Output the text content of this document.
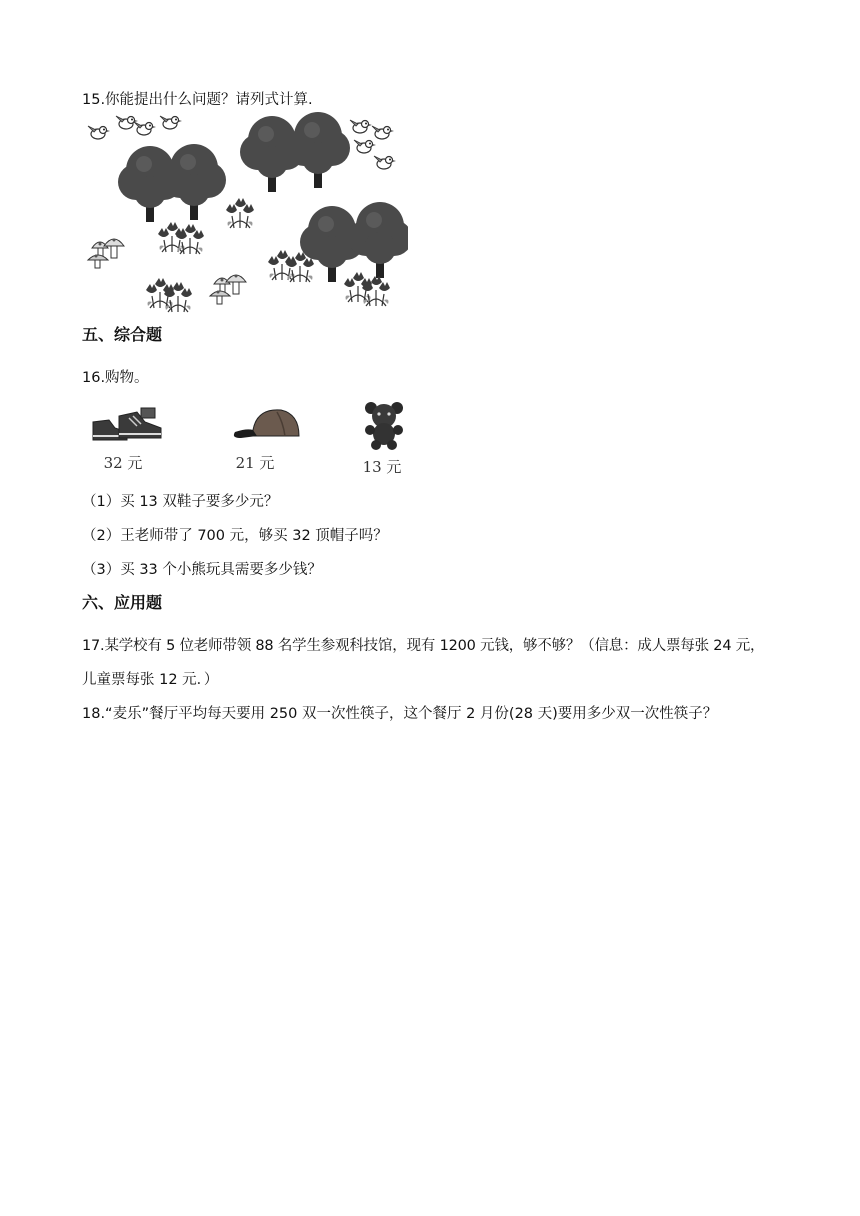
15.你能提出什么问题？请列式计算.
五、综合题
16.购物。
32 元	21 元	13 元
（1）买 13 双鞋子要多少元？
（2）王老师带了 700 元，够买 32 顶帽子吗？
（3）买 33 个小熊玩具需要多少钱？
六、应用题
17.某学校有 5 位老师带领 88 名学生参观科技馆，现有 1200 元钱，够不够？（信息：成人票每张 24 元，
儿童票每张 12 元．）
18.“麦乐”餐厅平均每天要用 250 双一次性筷子，这个餐厅 2 月份(28 天)要用多少双一次性筷子？
